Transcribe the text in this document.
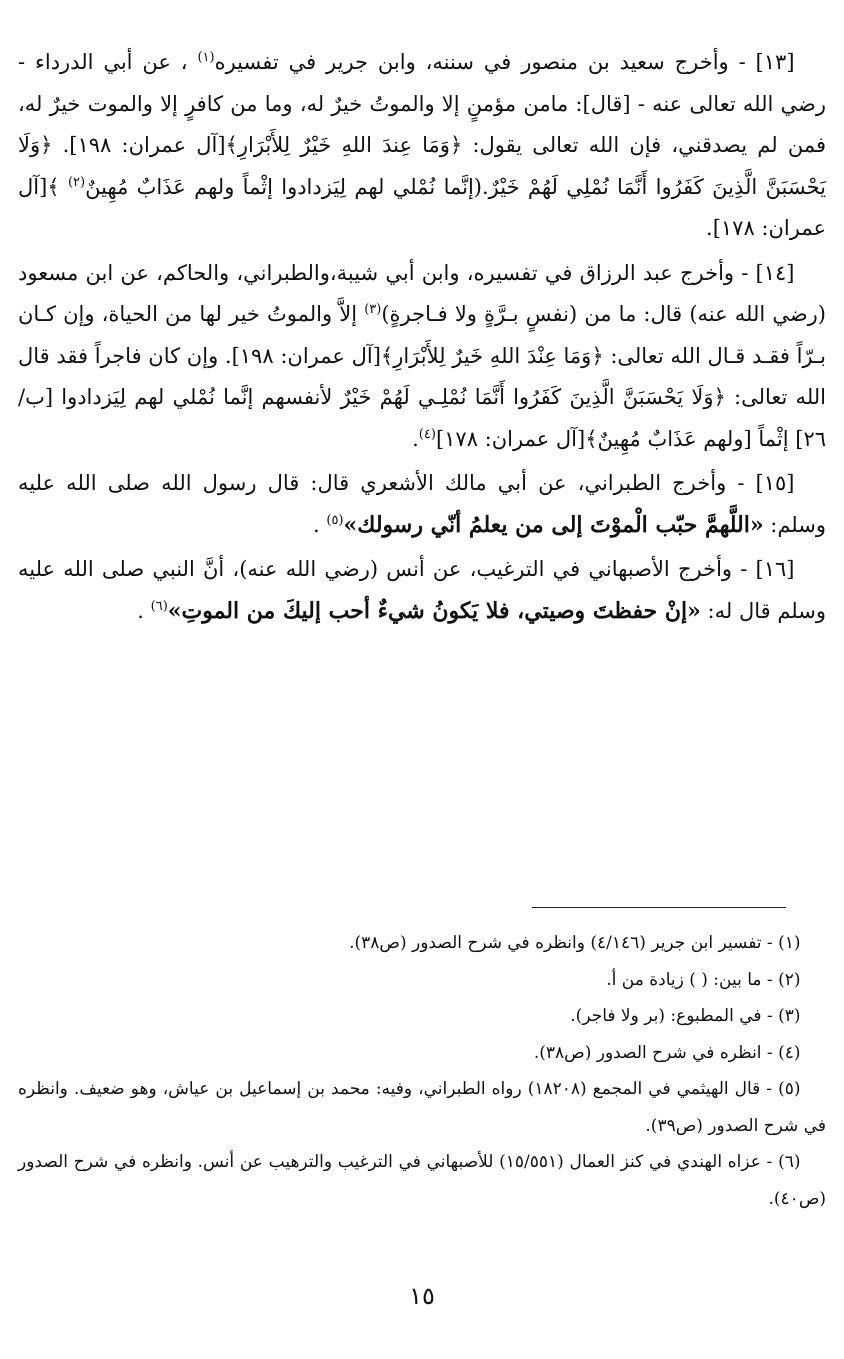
[١٣] - وأخرج سعيد بن منصور في سننه، وابن جرير في تفسيره$^{(١)}$ ، عن أبي الدرداء - رضي الله تعالى عنه - [قال]: مامن مؤمنٍ إلا والموتُ خيرٌ له، وما من كافرٍ إلا والموت خيرٌ له، فمن لم يصدقني، فإن الله تعالى يقول: ﴿وَمَا عِندَ اللهِ خَيْرٌ لِلأَبْرَارِ﴾[آل عمران: ١٩٨]. ﴿وَلَا يَحْسَبَنَّ الَّذِينَ كَفَرُوا أَنَّمَا نُمْلِي لَهُمْ خَيْرٌ.(إنَّما نُمْلي لهم لِيَزدادوا إثْماً ولهم عَذَابٌ مُهِينٌ$^{(٢)}$ ﴾[آل عمران: ١٧٨].

[١٤] - وأخرج عبد الرزاق في تفسيره، وابن أبي شيبة،والطبراني، والحاكم، عن ابن مسعود (رضي الله عنه) قال: ما من (نفسٍ بـرَّةٍ ولا فـاجرةٍ)$^{(٣)}$ إلاَّ والموتُ خير لها من الحياة، وإن كـان بـرّاً فقـد قـال الله تعالى: ﴿وَمَا عِنْدَ اللهِ خَيرٌ لِلأَبْرَارِ﴾[آل عمران: ١٩٨]. وإن كان فاجراً فقد قال الله تعالى: ﴿وَلَا يَحْسَبَنَّ الَّذِينَ كَفَرُوا أَنَّمَا نُمْلِـي لَهُمْ خَيْرٌ لأنفسهم إنَّما نُمْلي لهم لِيَزدادوا [ب/٢٦] إثْماً [ولهم عَذَابٌ مُهِينٌ﴾[آل عمران: ١٧٨]$^{(٤)}$.

[١٥] - وأخرج الطبراني، عن أبي مالك الأشعري قال: قال رسول الله صلى الله عليه وسلم: «اللَّهمَّ حبّب الْموْتَ إلى من يعلمُ أنّي رسولك»$^{(٥)}$ .

[١٦] - وأخرج الأصبهاني في الترغيب، عن أنس (رضي الله عنه)، أنَّ النبي صلى الله عليه وسلم قال له: «إنْ حفظتَ وصيتي، فلا يَكونُ شيءٌ أحب إليكَ من الموتِ»$^{(٦)}$ .

(١) - تفسير ابن جرير (٤/١٤٦) وانظره في شرح الصدور (ص٣٨).

(٢) - ما بين: ( ) زيادة من أ.

(٣) - في المطبوع: (بر ولا فاجر).

(٤) - انظره في شرح الصدور (ص٣٨).

(٥) - قال الهيثمي في المجمع (١٨٢٠٨) رواه الطبراني، وفيه: محمد بن إسماعيل بن عياش، وهو ضعيف. وانظره في شرح الصدور (ص٣٩).

(٦) - عزاه الهندي في كنز العمال (١٥/٥٥١) للأصبهاني في الترغيب والترهيب عن أنس. وانظره في شرح الصدور (ص٤٠).

١٥
